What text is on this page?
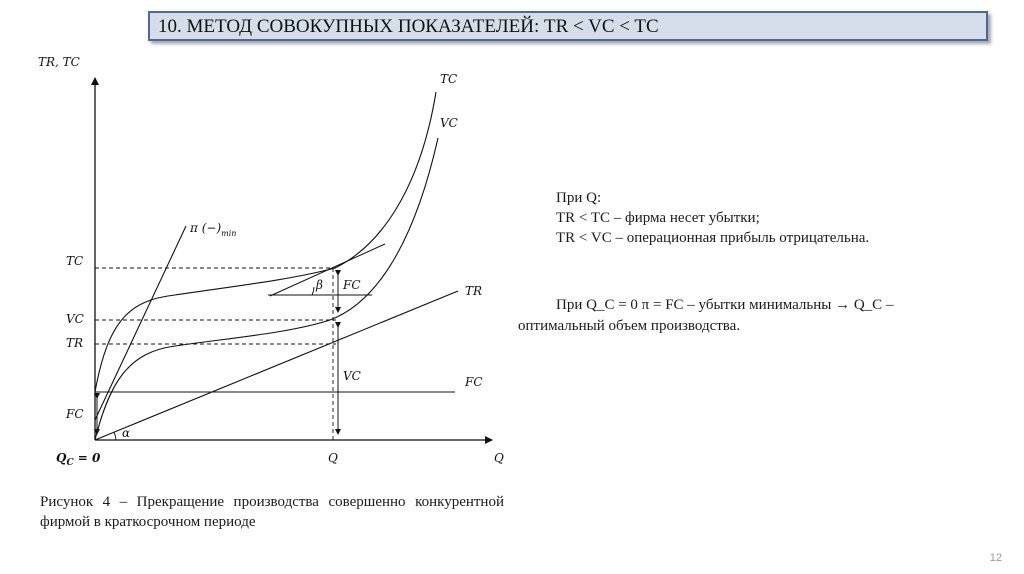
10. МЕТОД СОВОКУПНЫХ ПОКАЗАТЕЛЕЙ: TR < VC < TC
TR, TC
Q
$Q_C = 0$	Q
TC
VC
TR
FC
TC
VC
TR
FC
π $(-)_{min}$
β
α
FC
VC
При Q:
TR < TC – фирма несет убытки;
TR < VC – операционная прибыль отрицательна.
При Q_C = 0 π = FC – убытки минимальны → Q_C –
оптимальный объем производства.
Рисунок 4 – Прекращение производства совершенно конкурентной фирмой в краткосрочном периоде
12
